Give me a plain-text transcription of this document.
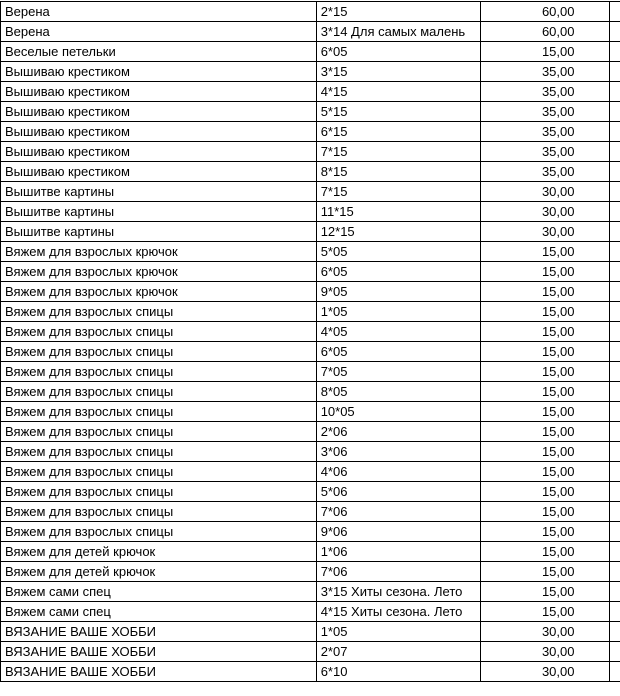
Верена	2*15	60,00	
Верена	3*14 Для самых малень	60,00	
Веселые петельки	6*05	15,00	
Вышиваю крестиком	3*15	35,00	
Вышиваю крестиком	4*15	35,00	
Вышиваю крестиком	5*15	35,00	
Вышиваю крестиком	6*15	35,00	
Вышиваю крестиком	7*15	35,00	
Вышиваю крестиком	8*15	35,00	
Вышитве картины	7*15	30,00	
Вышитве картины	11*15	30,00	
Вышитве картины	12*15	30,00	
Вяжем для взрослых крючок	5*05	15,00	
Вяжем для взрослых крючок	6*05	15,00	
Вяжем для взрослых крючок	9*05	15,00	
Вяжем для взрослых спицы	1*05	15,00	
Вяжем для взрослых спицы	4*05	15,00	
Вяжем для взрослых спицы	6*05	15,00	
Вяжем для взрослых спицы	7*05	15,00	
Вяжем для взрослых спицы	8*05	15,00	
Вяжем для взрослых спицы	10*05	15,00	
Вяжем для взрослых спицы	2*06	15,00	
Вяжем для взрослых спицы	3*06	15,00	
Вяжем для взрослых спицы	4*06	15,00	
Вяжем для взрослых спицы	5*06	15,00	
Вяжем для взрослых спицы	7*06	15,00	
Вяжем для взрослых спицы	9*06	15,00	
Вяжем для детей крючок	1*06	15,00	
Вяжем для детей крючок	7*06	15,00	
Вяжем сами спец	3*15 Хиты сезона. Лето	15,00	
Вяжем сами спец	4*15 Хиты сезона. Лето	15,00	
ВЯЗАНИЕ ВАШЕ ХОББИ	1*05	30,00	
ВЯЗАНИЕ ВАШЕ ХОББИ	2*07	30,00	
ВЯЗАНИЕ ВАШЕ ХОББИ	6*10	30,00	
